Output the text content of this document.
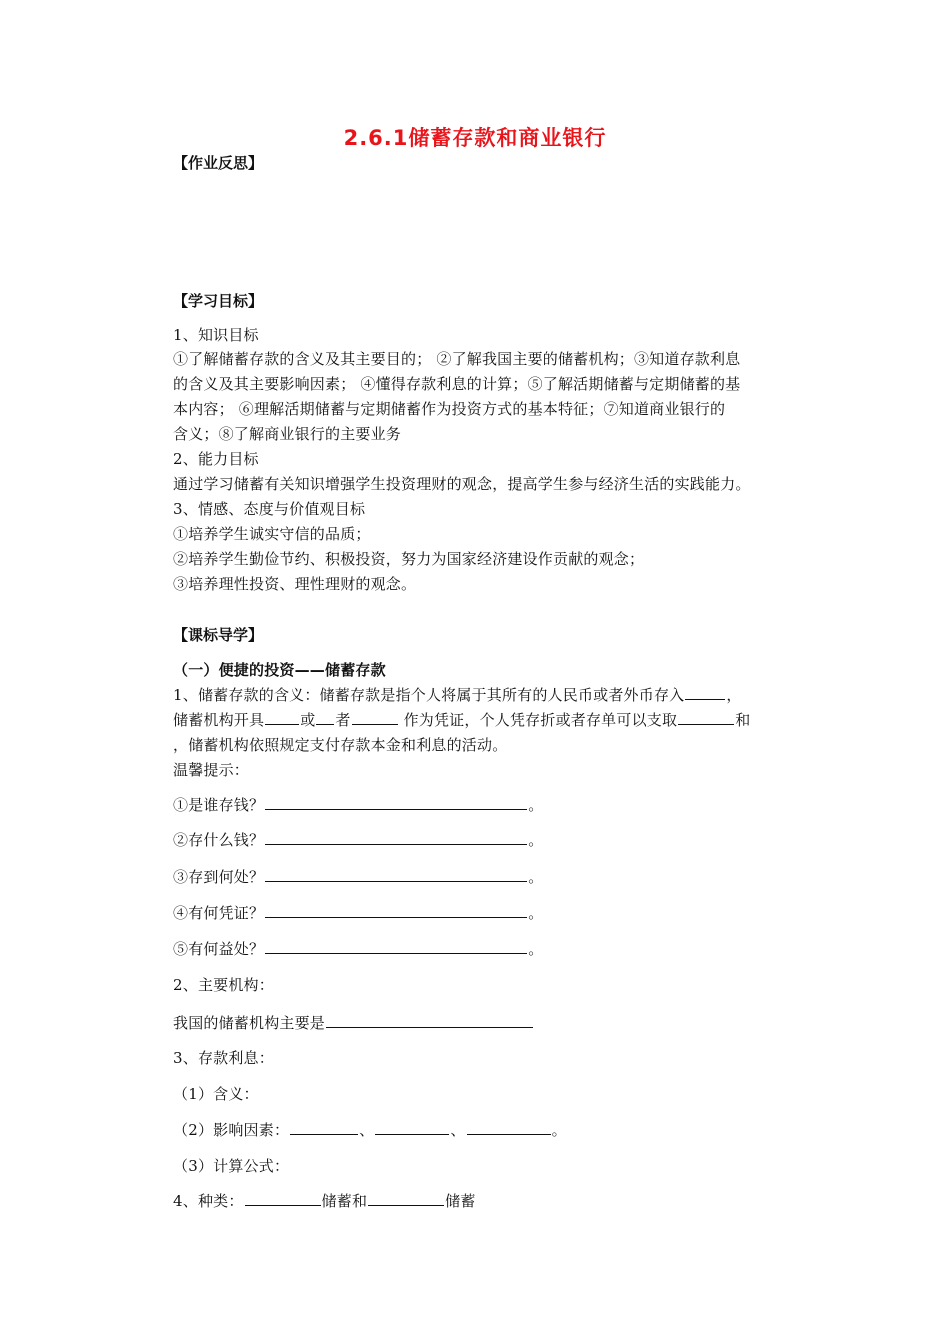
2.6.1储蓄存款和商业银行
【作业反思】
【学习目标】
1、知识目标
①了解储蓄存款的含义及其主要目的； ②了解我国主要的储蓄机构；③知道存款利息
的含义及其主要影响因素； ④懂得存款利息的计算；⑤了解活期储蓄与定期储蓄的基
本内容； ⑥理解活期储蓄与定期储蓄作为投资方式的基本特征；⑦知道商业银行的
含义；⑧了解商业银行的主要业务
2、能力目标
通过学习储蓄有关知识增强学生投资理财的观念，提高学生参与经济生活的实践能力。
3、情感、态度与价值观目标
①培养学生诚实守信的品质；
②培养学生勤俭节约、积极投资，努力为国家经济建设作贡献的观念；
③培养理性投资、理性理财的观念。
【课标导学】
（一）便捷的投资——储蓄存款
1、储蓄存款的含义：储蓄存款是指个人将属于其所有的人民币或者外币存入	，
储蓄机构开具 或 者	作为凭证，个人凭存折或者存单可以支取	和
，储蓄机构依照规定支付存款本金和利息的活动。
温馨提示：
①是谁存钱？	。
②存什么钱？	。
③存到何处？	。
④有何凭证？	。
⑤有何益处？	。
2、主要机构：
我国的储蓄机构主要是
3、存款利息：
（1）含义：
（2）影响因素：	、	、	。
（3）计算公式：
4、种类：	储蓄和	储蓄
